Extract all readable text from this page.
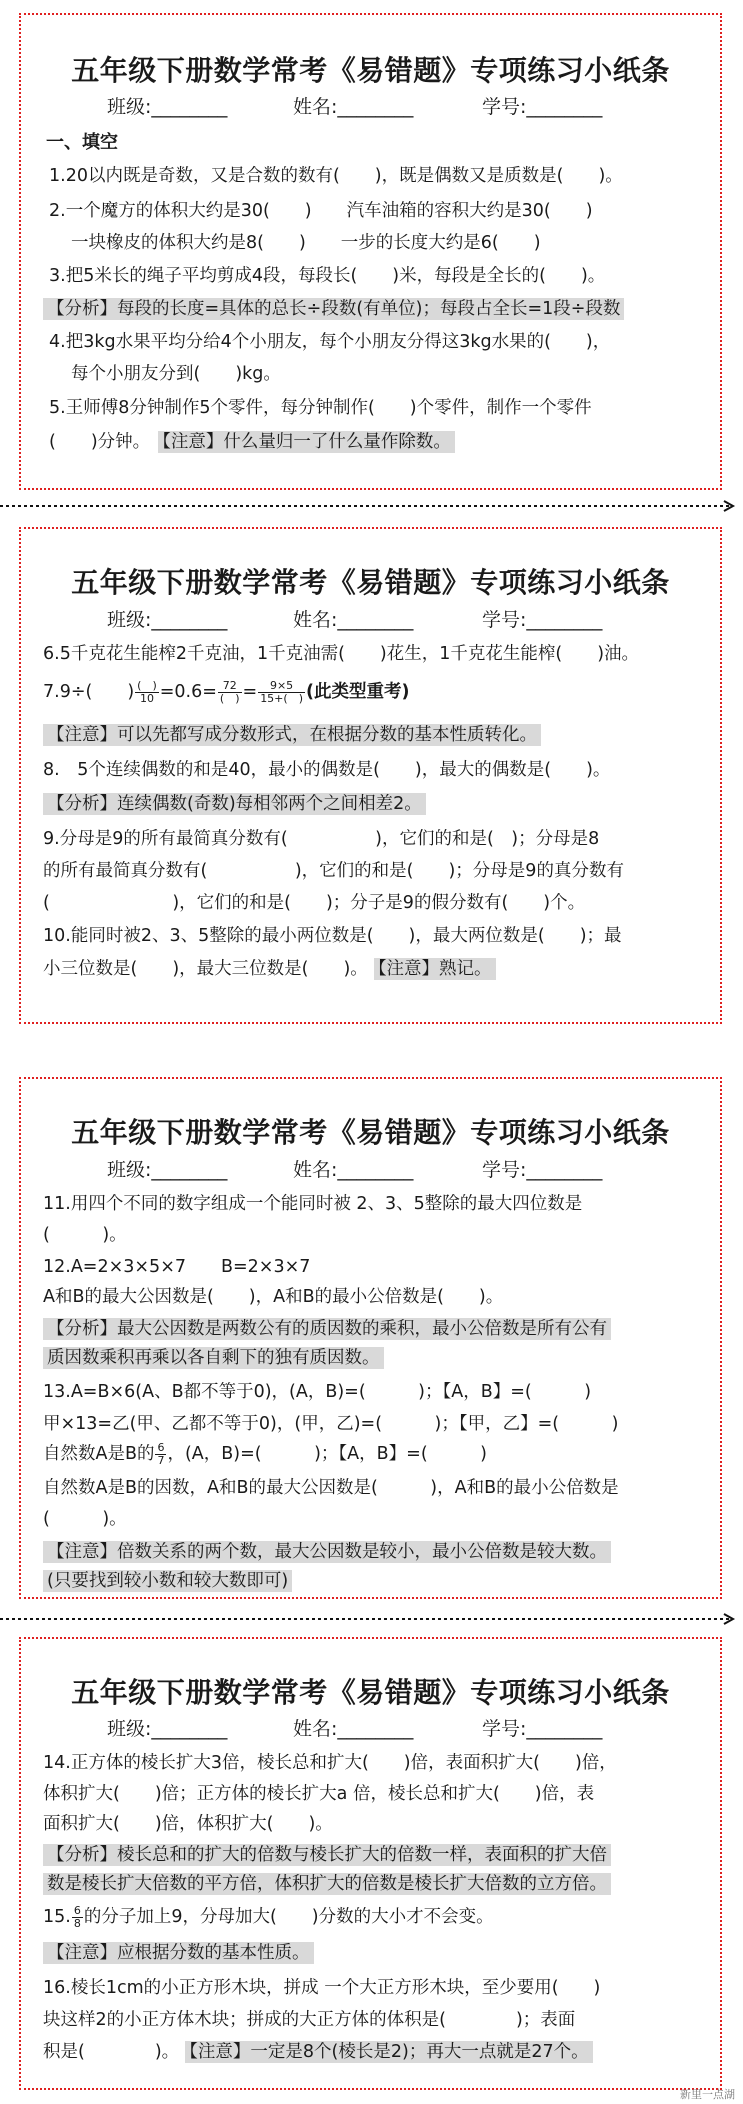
五年级下册数学常考《易错题》专项练习小纸条
班级:________	姓名:________	学号:________
一、填空
1.20以内既是奇数，又是合数的数有(　　)，既是偶数又是质数是(　　)。
2.一个魔方的体积大约是30(　　)　　汽车油箱的容积大约是30(　　)
一块橡皮的体积大约是8(　　)　　一步的长度大约是6(　　)
3.把5米长的绳子平均剪成4段，每段长(　　)米，每段是全长的(　　)。
【分析】每段的长度=具体的总长÷段数(有单位)；每段占全长=1段÷段数
4.把3kg水果平均分给4个小朋友，每个小朋友分得这3kg水果的(　　)，
每个小朋友分到(　　)kg。
5.王师傅8分钟制作5个零件，每分钟制作(　　)个零件，制作一个零件
(　　)分钟。 【注意】什么量归一了什么量作除数。
五年级下册数学常考《易错题》专项练习小纸条
班级:________	姓名:________	学号:________
6.5千克花生能榨2千克油，1千克油需(　　)花生，1千克花生能榨(　　)油。
7.9÷(　　) $\frac{( )}{10} =0.6= \frac{72}{( )} = \frac{9\times 5}{15+( )}$ (此类型重考)
【注意】可以先都写成分数形式，在根据分数的基本性质转化。
8.　5个连续偶数的和是40，最小的偶数是(　　)，最大的偶数是(　　)。
【分析】连续偶数(奇数)每相邻两个之间相差2。
9.分母是9的所有最简真分数有(　　　　　)，它们的和是(　)；分母是8
的所有最简真分数有(　　　　　)，它们的和是(　　)；分母是9的真分数有
(　　　　　　　)，它们的和是(　　)；分子是9的假分数有(　　)个。
10.能同时被2、3、5整除的最小两位数是(　　)，最大两位数是(　　)；最
小三位数是(　　)，最大三位数是(　　)。 【注意】熟记。
五年级下册数学常考《易错题》专项练习小纸条
班级:________	姓名:________	学号:________
11.用四个不同的数字组成一个能同时被 2、3、5整除的最大四位数是
(　　　)。
12.A=2×3×5×7　　B=2×3×7
A和B的最大公因数是(　　)，A和B的最小公倍数是(　　)。
【分析】最大公因数是两数公有的质因数的乘积，最小公倍数是所有公有
质因数乘积再乘以各自剩下的独有质因数。
13.A=B×6(A、B都不等于0)，(A，B)=(　　　)；【A，B】=(　　　)
甲×13=乙(甲、乙都不等于0)，(甲，乙)=(　　　)；【甲，乙】=(　　　)
自然数A是B的 $\frac{6}{7}$ ，(A，B)=(　　　)；【A，B】=(　　　)
自然数A是B的因数，A和B的最大公因数是(　　　)，A和B的最小公倍数是
(　　　)。
【注意】倍数关系的两个数，最大公因数是较小，最小公倍数是较大数。
(只要找到较小数和较大数即可)
五年级下册数学常考《易错题》专项练习小纸条
班级:________	姓名:________	学号:________
14.正方体的棱长扩大3倍，棱长总和扩大(　　)倍，表面积扩大(　　)倍，
体积扩大(　　)倍；正方体的棱长扩大a 倍，棱长总和扩大(　　)倍，表
面积扩大(　　)倍，体积扩大(　　)。
【分析】棱长总和的扩大的倍数与棱长扩大的倍数一样，表面积的扩大倍
数是棱长扩大倍数的平方倍，体积扩大的倍数是棱长扩大倍数的立方倍。
15. $\frac{6}{8}$ 的分子加上9，分母加大(　　)分数的大小才不会变。
【注意】应根据分数的基本性质。
16.棱长1cm的小正方形木块，拼成 一个大正方形木块，至少要用(　　)
块这样2的小正方体木块；拼成的大正方体的体积是(　　　　)；表面
积是(　　　　)。 【注意】一定是8个(棱长是2)；再大一点就是27个。
新里一点湖
